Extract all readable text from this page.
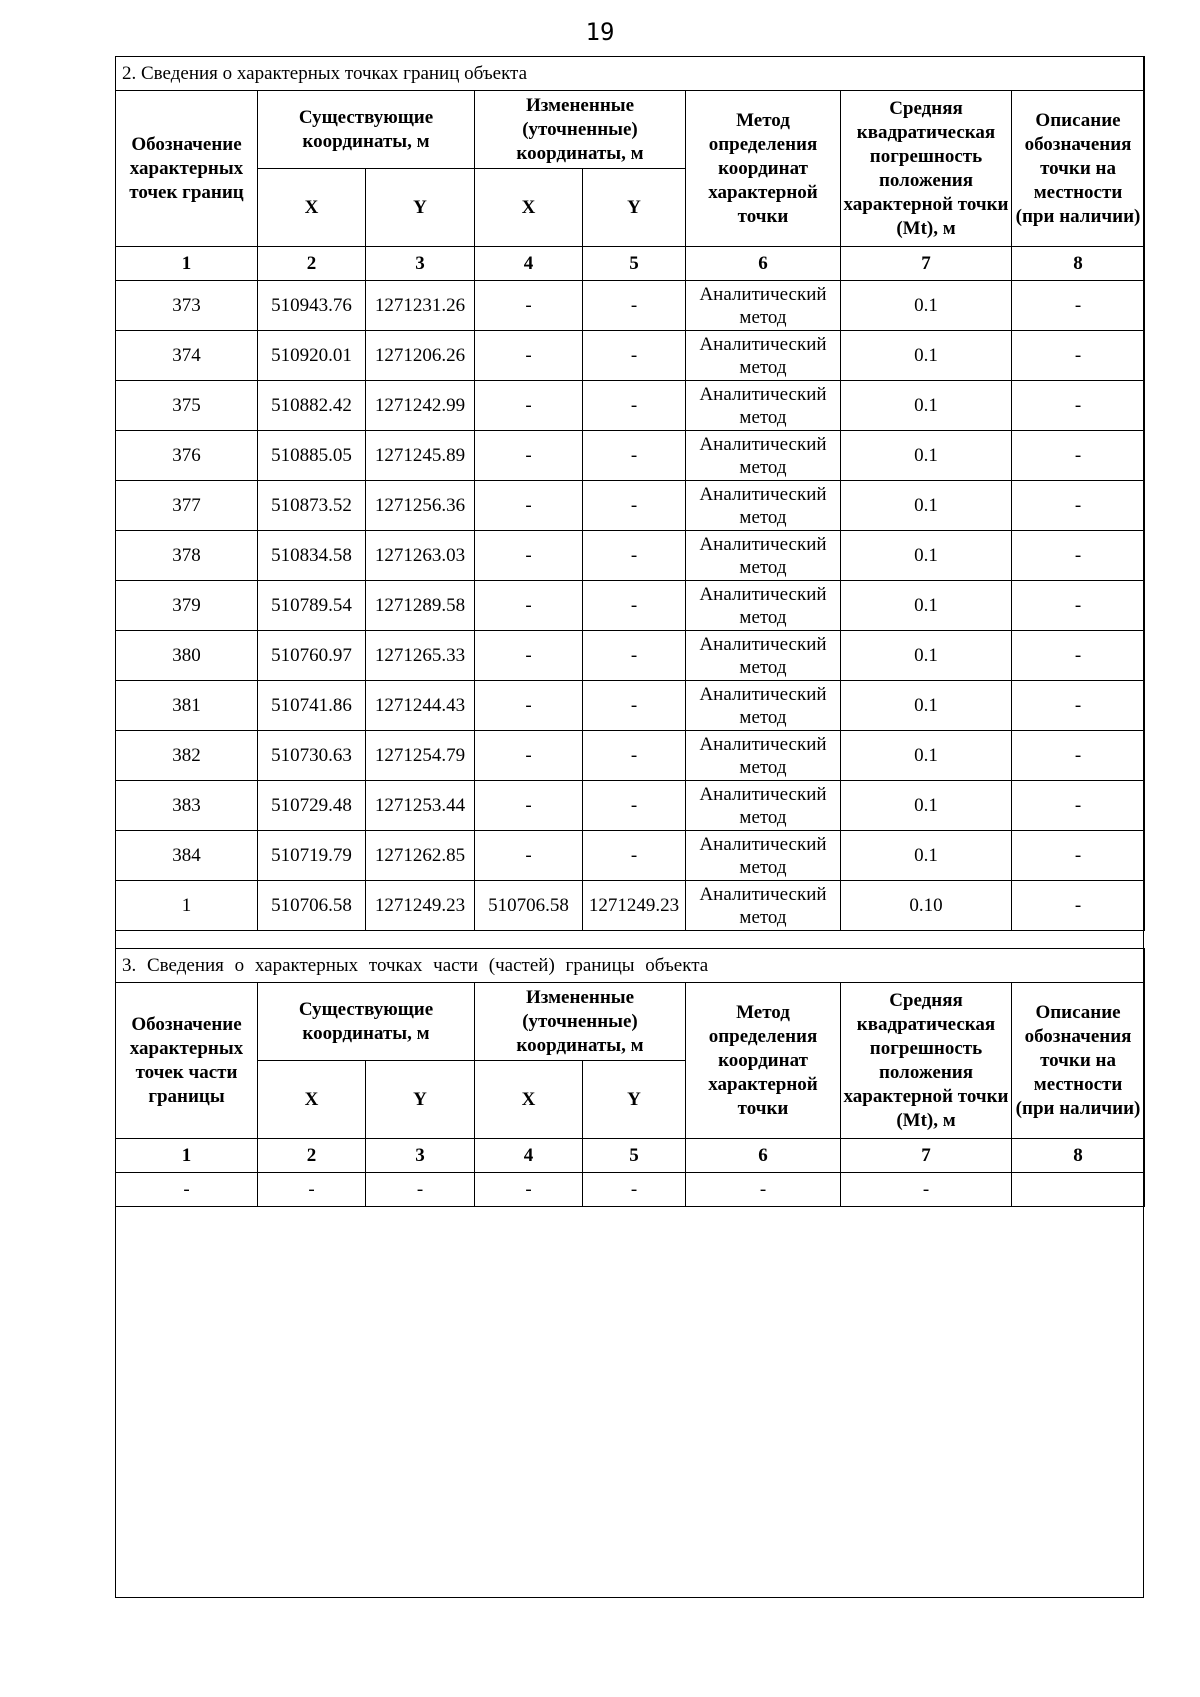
19
2. Сведения о характерных точках границ объекта							
Обозначение характерных точек границ	Существующие координаты, м		Измененные (уточненные) координаты, м		Метод определения координат характерной точки	Средняя квадратическая погрешность положения характерной точки (Mt), м	Описание обозначения точки на местности (при наличии)
	X	Y	X	Y			
1	2	3	4	5	6	7	8
373	510943.76	1271231.26	-	-	Аналитический метод	0.1	-
374	510920.01	1271206.26	-	-	Аналитический метод	0.1	-
375	510882.42	1271242.99	-	-	Аналитический метод	0.1	-
376	510885.05	1271245.89	-	-	Аналитический метод	0.1	-
377	510873.52	1271256.36	-	-	Аналитический метод	0.1	-
378	510834.58	1271263.03	-	-	Аналитический метод	0.1	-
379	510789.54	1271289.58	-	-	Аналитический метод	0.1	-
380	510760.97	1271265.33	-	-	Аналитический метод	0.1	-
381	510741.86	1271244.43	-	-	Аналитический метод	0.1	-
382	510730.63	1271254.79	-	-	Аналитический метод	0.1	-
383	510729.48	1271253.44	-	-	Аналитический метод	0.1	-
384	510719.79	1271262.85	-	-	Аналитический метод	0.1	-
1	510706.58	1271249.23	510706.58	1271249.23	Аналитический метод	0.10	-
3. Сведения о характерных точках части (частей) границы объекта							
Обозначение характерных точек части границы	Существующие координаты, м		Измененные (уточненные) координаты, м		Метод определения координат характерной точки	Средняя квадратическая погрешность положения характерной точки (Mt), м	Описание обозначения точки на местности (при наличии)
	X	Y	X	Y			
1	2	3	4	5	6	7	8
-	-	-	-	-	-	-	
